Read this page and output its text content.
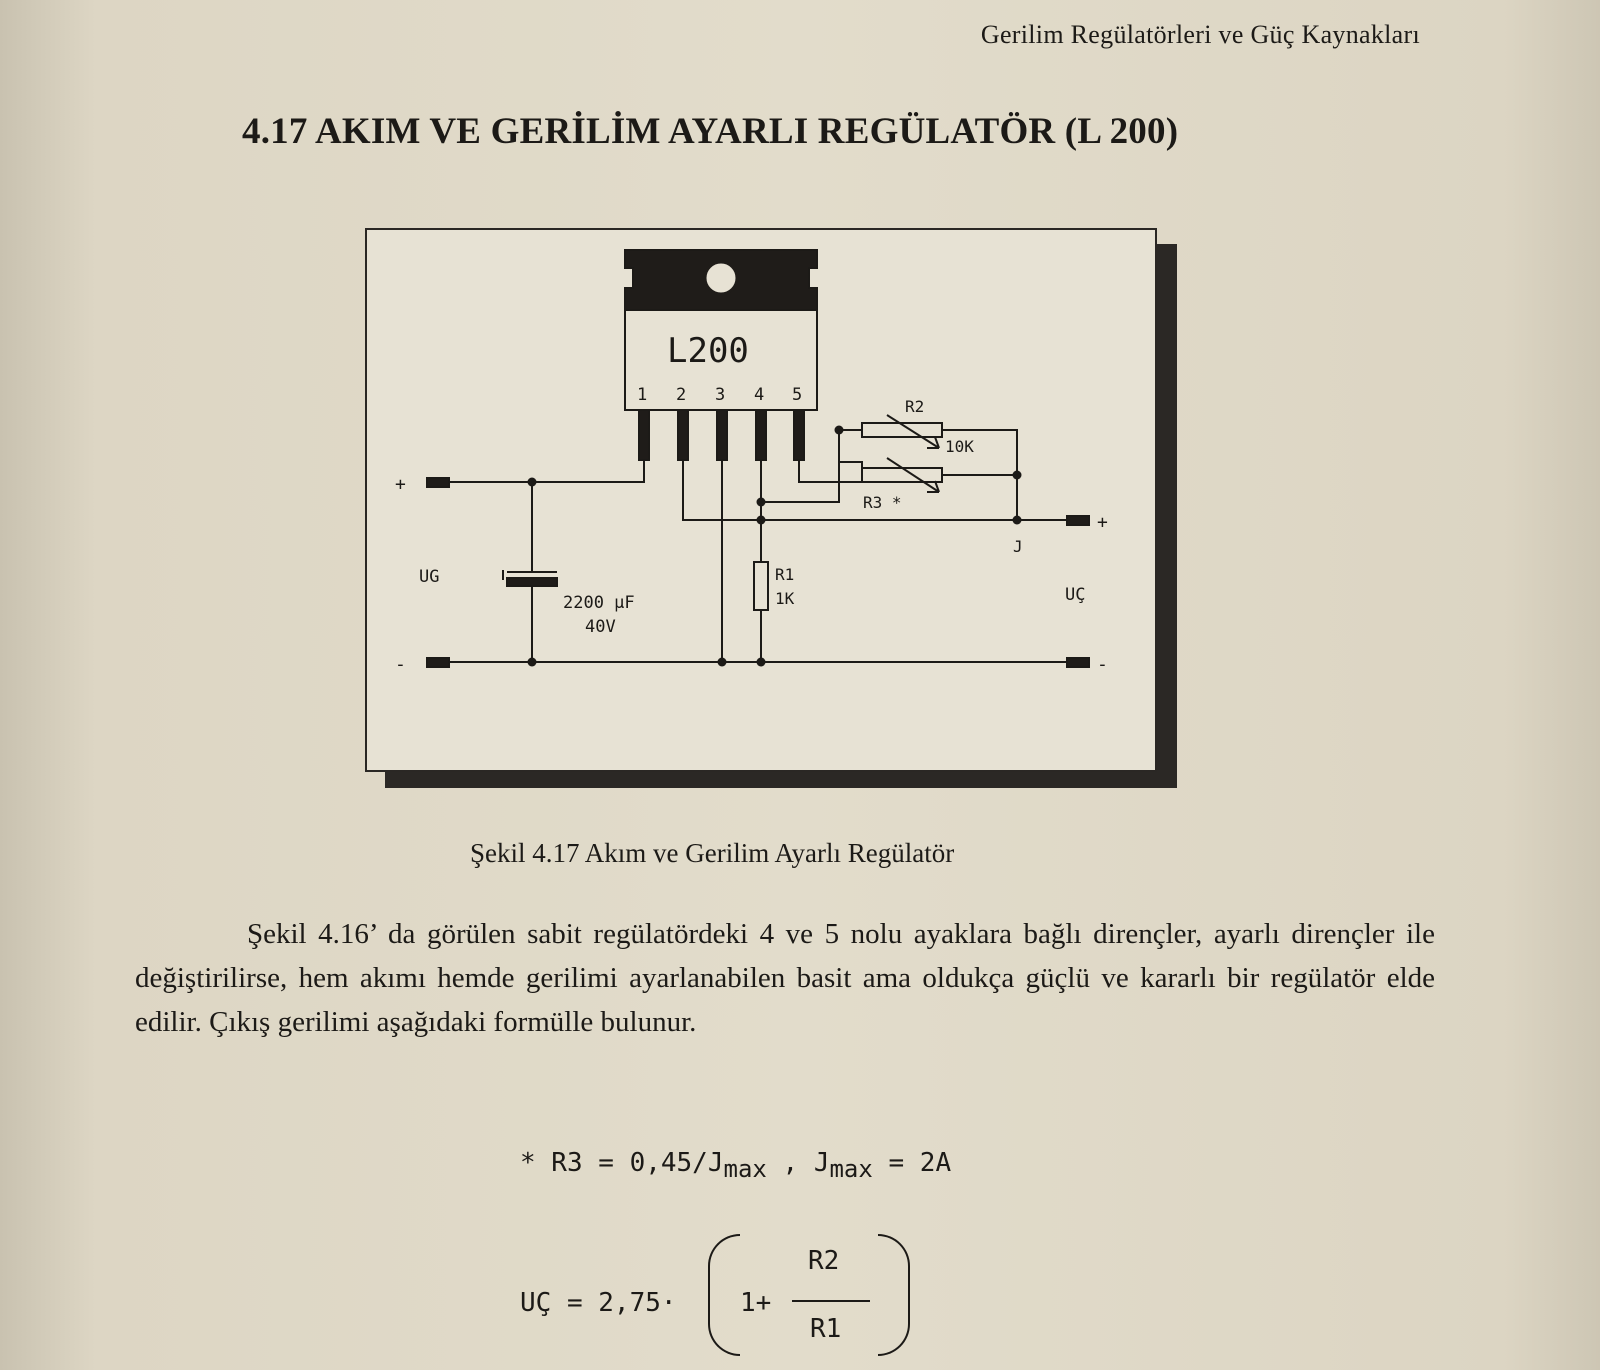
Gerilim Regülatörleri ve Güç Kaynakları
4.17 AKIM VE GERİLİM AYARLI REGÜLATÖR (L 200)
L200
1 2 3 4 5
R2
10K
R3 *
R1
1K
2200 µF
40V
UG
UÇ
J
+
-
+
-
Şekil 4.17 Akım ve Gerilim Ayarlı Regülatör
Şekil 4.16’ da görülen sabit regülatördeki 4 ve 5 nolu ayaklara bağlı dirençler, ayarlı dirençler ile değiştirilirse, hem akımı hemde gerilimi ayarlanabilen basit ama oldukça güçlü ve kararlı bir regülatör elde edilir. Çıkış gerilimi aşağıdaki formülle bulunur.
* $R3 = 0,45/J_{max}$ , $J_{max} = 2A$
UÇ = 2,75· 1+
R2
R1
